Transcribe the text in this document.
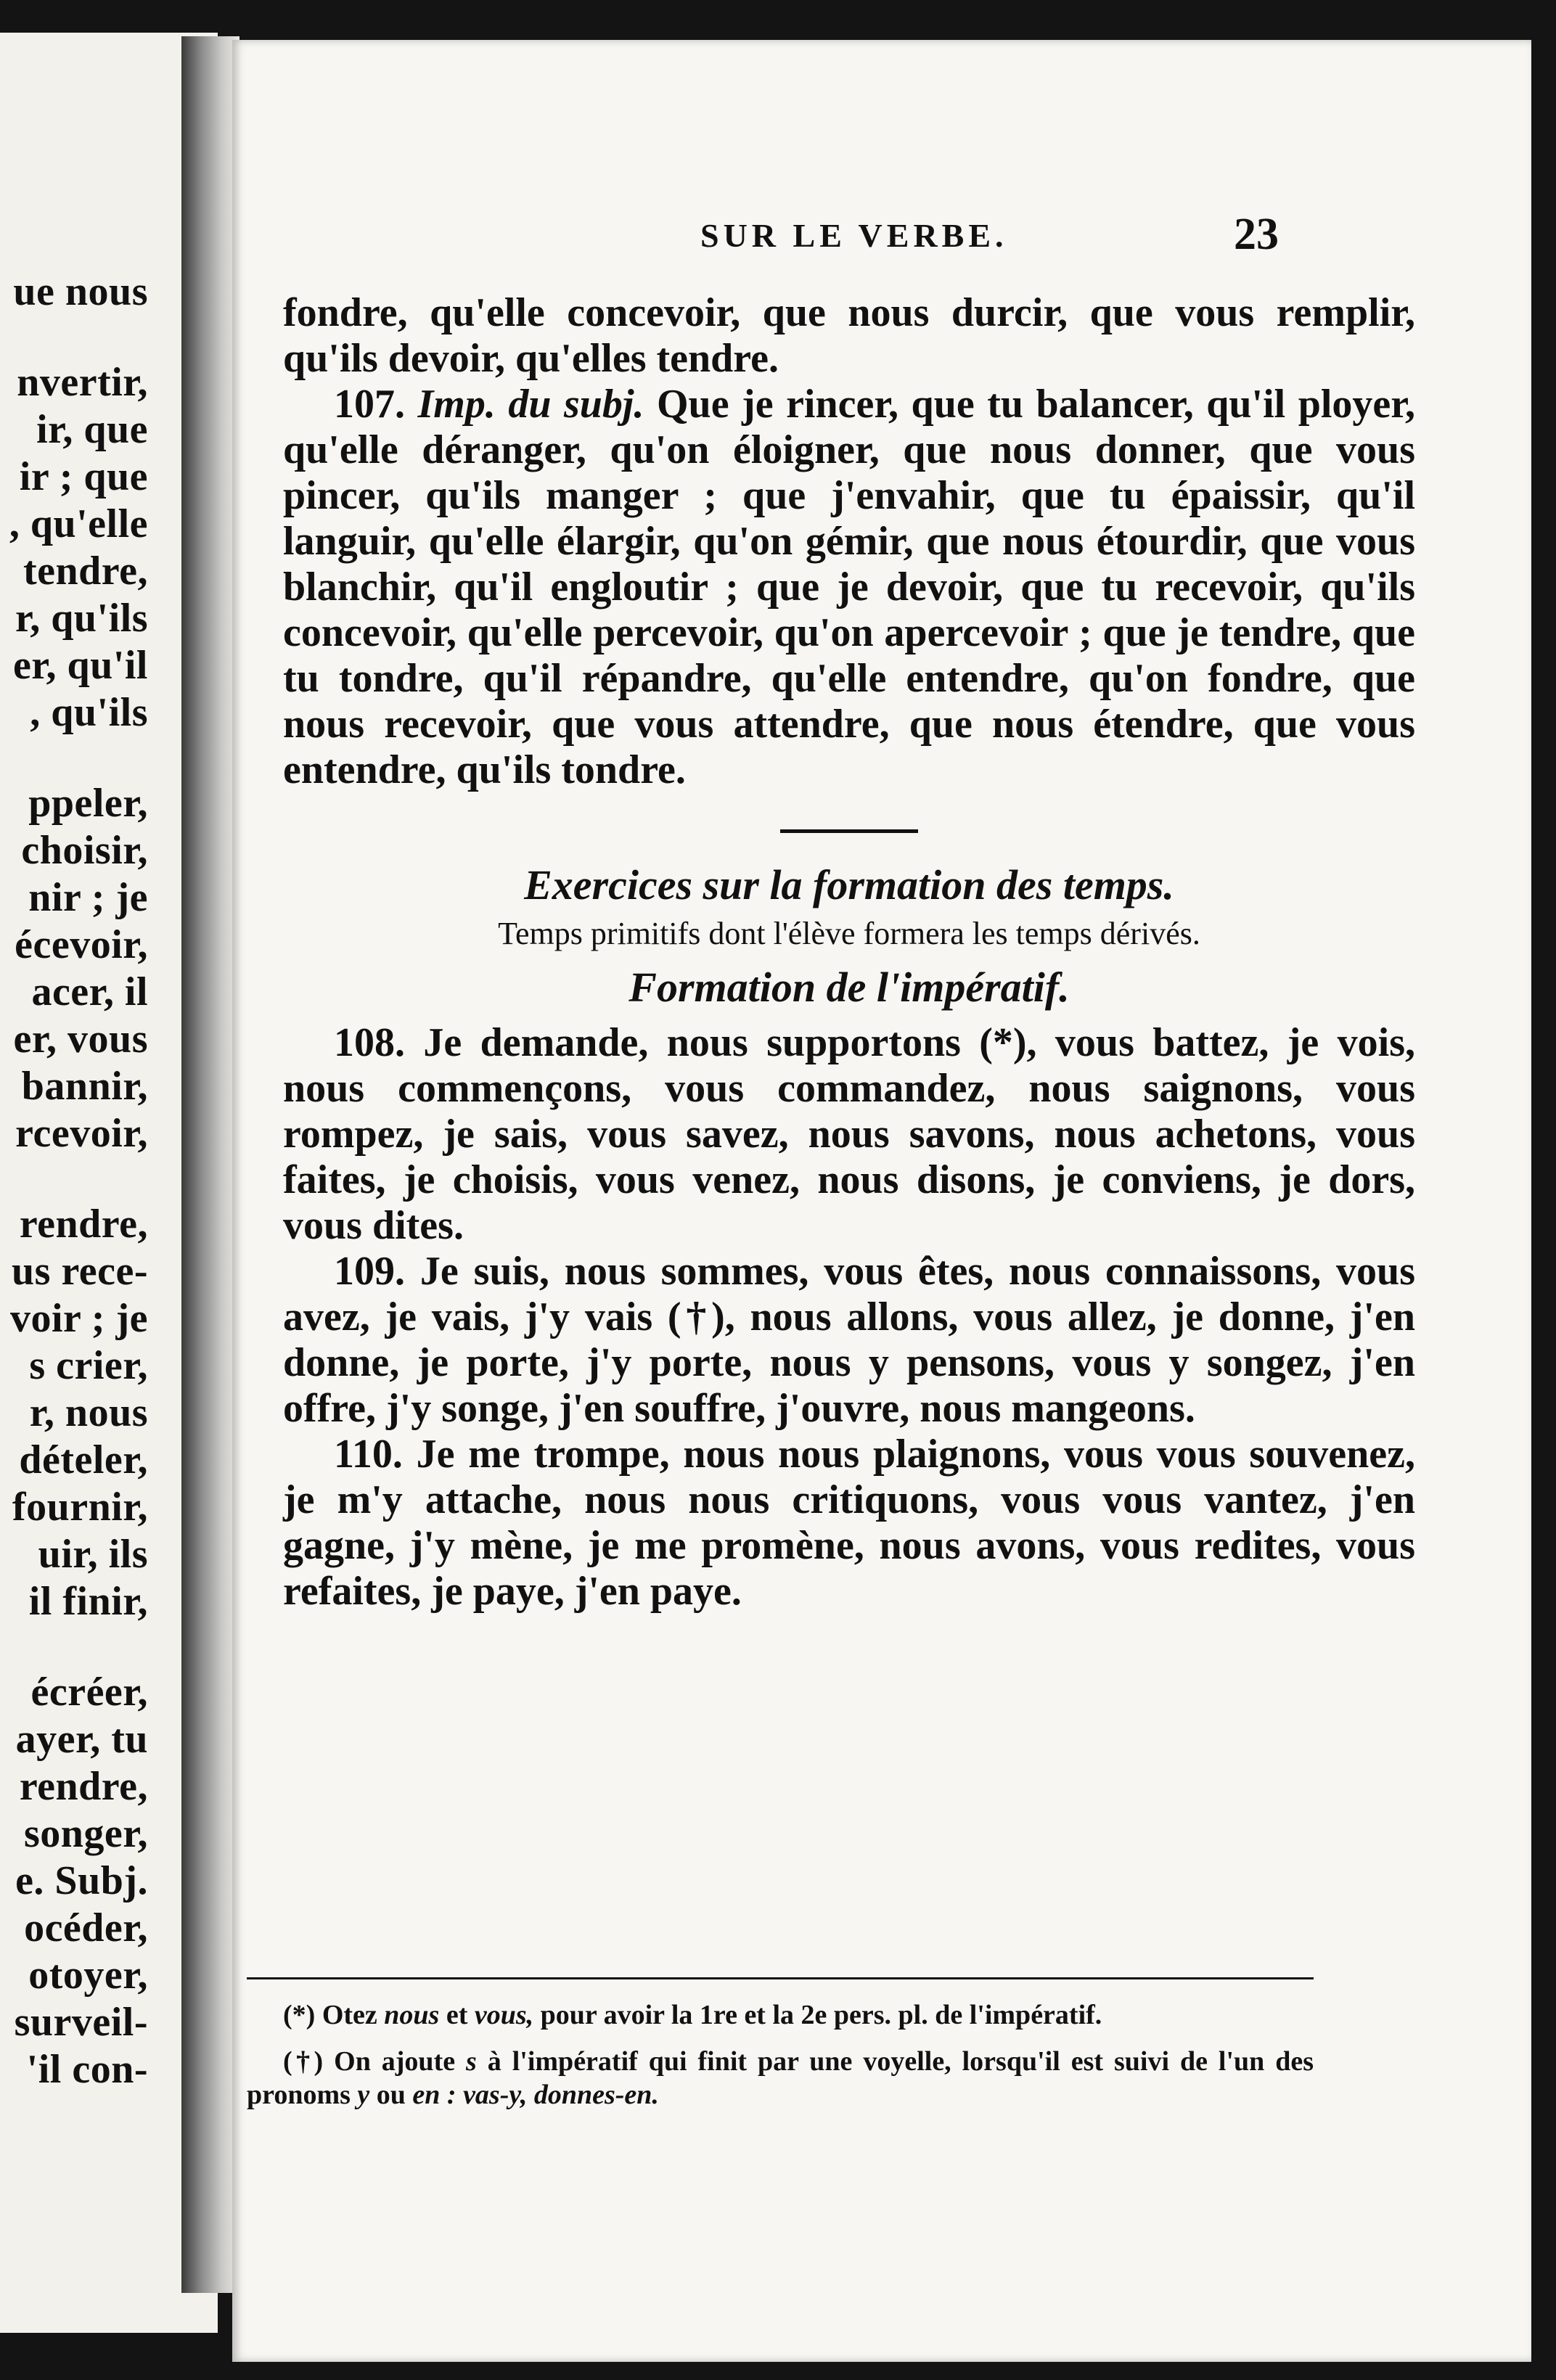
ue nous
nvertir,
ir, que
ir ; que
, qu'elle
tendre,
r, qu'ils
er, qu'il
, qu'ils
ppeler,
choisir,
nir ; je
écevoir,
acer, il
er, vous
bannir,
rcevoir,
rendre,
us rece-
voir ; je
s crier,
r, nous
dételer,
fournir,
uir, ils
il finir,
écréer,
ayer, tu
rendre,
songer,
e. Subj.
océder,
otoyer,
surveil-
'il con-
SUR LE VERBE.	23

fondre, qu'elle concevoir, que nous durcir, que vous remplir, qu'ils devoir, qu'elles tendre.

107. Imp. du subj. Que je rincer, que tu balancer, qu'il ployer, qu'elle déranger, qu'on éloigner, que nous donner, que vous pincer, qu'ils manger ; que j'envahir, que tu épaissir, qu'il languir, qu'elle élargir, qu'on gémir, que nous étourdir, que vous blanchir, qu'il engloutir ; que je devoir, que tu recevoir, qu'ils concevoir, qu'elle percevoir, qu'on apercevoir ; que je tendre, que tu tondre, qu'il répandre, qu'elle entendre, qu'on fondre, que nous recevoir, que vous attendre, que nous étendre, que vous entendre, qu'ils tondre.

Exercices sur la formation des temps.
Temps primitifs dont l'élève formera les temps dérivés.
Formation de l'impératif.

108. Je demande, nous supportons (*), vous battez, je vois, nous commençons, vous commandez, nous saignons, vous rompez, je sais, vous savez, nous savons, nous achetons, vous faites, je choisis, vous venez, nous disons, je conviens, je dors, vous dites.

109. Je suis, nous sommes, vous êtes, nous connaissons, vous avez, je vais, j'y vais (†), nous allons, vous allez, je donne, j'en donne, je porte, j'y porte, nous y pensons, vous y songez, j'en offre, j'y songe, j'en souffre, j'ouvre, nous mangeons.

110. Je me trompe, nous nous plaignons, vous vous souvenez, je m'y attache, nous nous critiquons, vous vous vantez, j'en gagne, j'y mène, je me promène, nous avons, vous redites, vous refaites, je paye, j'en paye.

(*) Otez nous et vous, pour avoir la 1re et la 2e pers. pl. de l'impératif.

(†) On ajoute s à l'impératif qui finit par une voyelle, lorsqu'il est suivi de l'un des pronoms y ou en : vas-y, donnes-en.
